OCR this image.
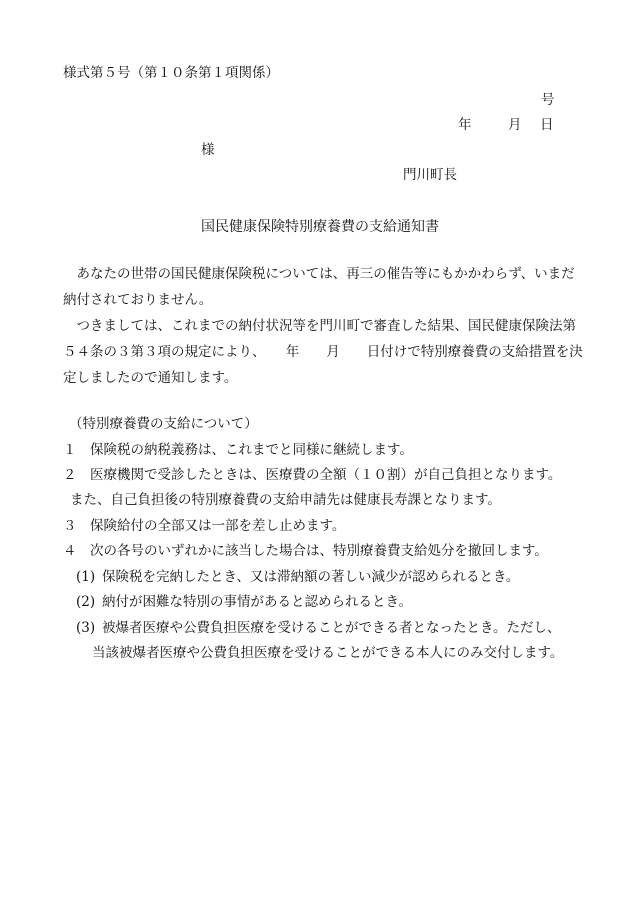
様式第５号（第１０条第１項関係）
号
年	月 日
様
門川町長
国民健康保険特別療養費の支給通知書
　あなたの世帯の国民健康保険税については、再三の催告等にもかかわらず、いまだ納付されておりません。
　つきましては、これまでの納付状況等を門川町で審査した結果、国民健康保険法第５４条の３第３項の規定により、　　年　　月　　日付けで特別療養費の支給措置を決定しましたので通知します。
（特別療養費の支給について）
１ 保険税の納税義務は、これまでと同様に継続します。
２ 医療機関で受診したときは、医療費の全額（１０割）が自己負担となります。
また、自己負担後の特別療養費の支給申請先は健康長寿課となります。
３ 保険給付の全部又は一部を差し止めます。
４ 次の各号のいずれかに該当した場合は、特別療養費支給処分を撤回します。
(1) 保険税を完納したとき、又は滞納額の著しい減少が認められるとき。
(2) 納付が困難な特別の事情があると認められるとき。
(3) 被爆者医療や公費負担医療を受けることができる者となったとき。ただし、
当該被爆者医療や公費負担医療を受けることができる本人にのみ交付します。
